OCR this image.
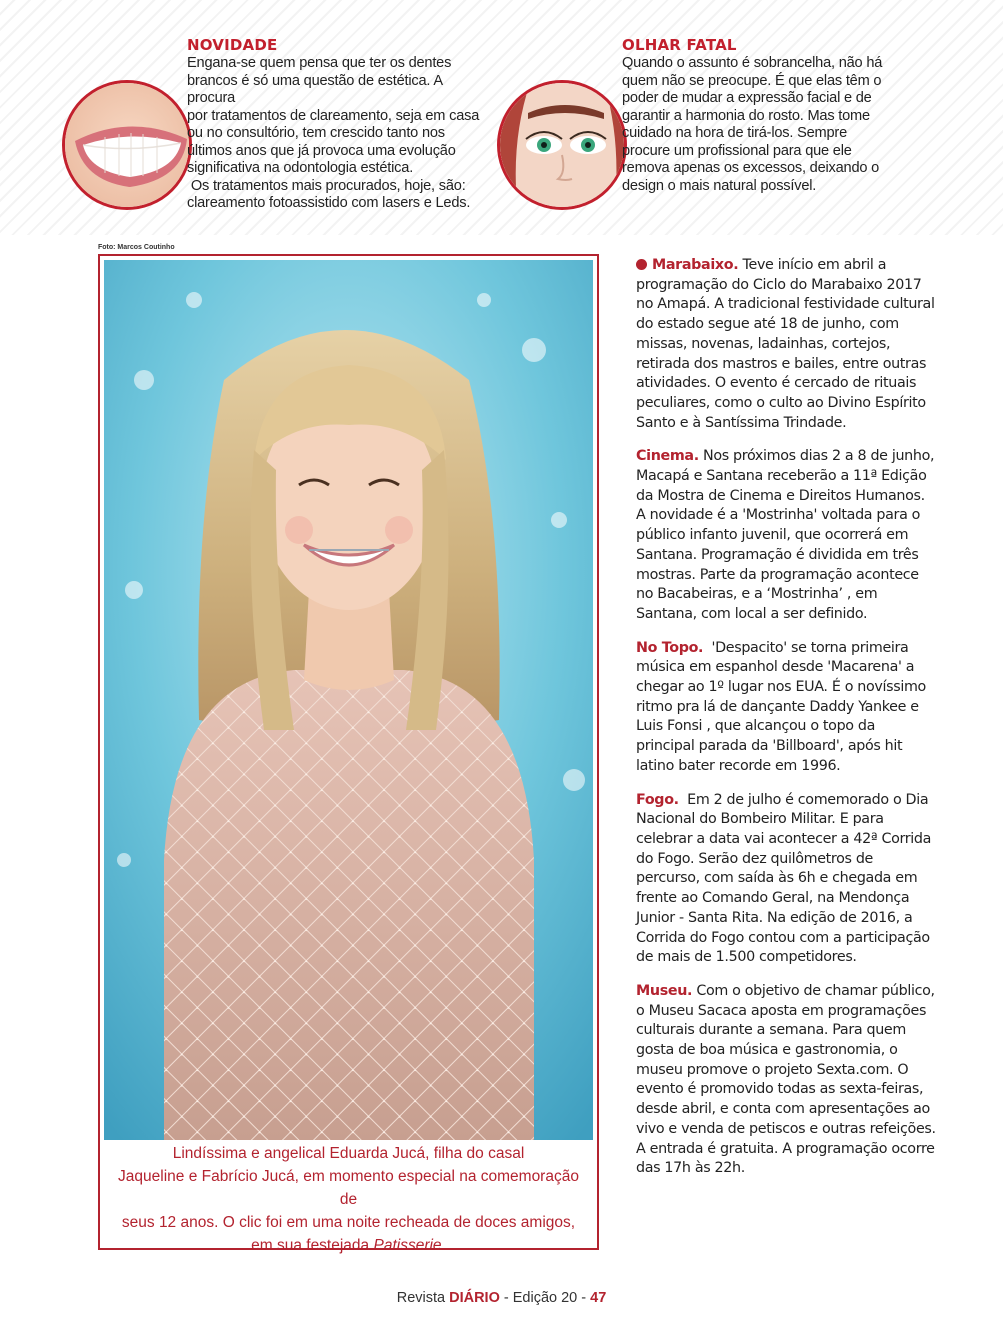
NOVIDADE

Engana-se quem pensa que ter os dentes

brancos é só uma questão de estética. A procura

por tratamentos de clareamento, seja em casa

ou no consultório, tem crescido tanto nos

últimos anos que já provoca uma evolução

significativa na odontologia estética.

Os tratamentos mais procurados, hoje, são:

clareamento fotoassistido com lasers e Leds.

OLHAR FATAL

Quando o assunto é sobrancelha, não há

quem não se preocupe. É que elas têm o

poder de mudar a expressão facial e de

garantir a harmonia do rosto. Mas tome

cuidado na hora de tirá-los. Sempre

procure um profissional para que ele

remova apenas os excessos, deixando o

design o mais natural possível.

Foto: Marcos Coutinho
Lindíssima e angelical Eduarda Jucá, filha do casal
Jaqueline e Fabrício Jucá, em momento especial na comemoração de
seus 12 anos. O clic foi em uma noite recheada de doces amigos,
em sua festejada Patisserie.

Marabaixo. Teve início em abril a programação do Ciclo do Marabaixo 2017 no Amapá. A tradicional festividade cultural do estado segue até 18 de junho, com missas, novenas, ladainhas, cortejos, retirada dos mastros e bailes, entre outras atividades. O evento é cercado de rituais peculiares, como o culto ao Divino Espírito Santo e à Santíssima Trindade.

Cinema. Nos próximos dias 2 a 8 de junho, Macapá e Santana receberão a 11ª Edição da Mostra de Cinema e Direitos Humanos. A novidade é a 'Mostrinha' voltada para o público infanto juvenil, que ocorrerá em Santana. Programação é dividida em três mostras. Parte da programação acontece no Bacabeiras, e a ‘Mostrinha’ , em Santana, com local a ser definido.

No Topo.  'Despacito' se torna primeira música em espanhol desde 'Macarena' a chegar ao 1º lugar nos EUA. É o novíssimo ritmo pra lá de dançante Daddy Yankee e Luis Fonsi , que alcançou o topo da principal parada da 'Billboard', após hit latino bater recorde em 1996.

Fogo.  Em 2 de julho é comemorado o Dia Nacional do Bombeiro Militar. E para celebrar a data vai acontecer a 42ª Corrida do Fogo. Serão dez quilômetros de percurso, com saída às 6h e chegada em frente ao Comando Geral, na Mendonça Junior - Santa Rita. Na edição de 2016, a Corrida do Fogo contou com a participação de mais de 1.500 competidores.

Museu. Com o objetivo de chamar público, o Museu Sacaca aposta em programações culturais durante a semana. Para quem gosta de boa música e gastronomia, o museu promove o projeto Sexta.com. O evento é promovido todas as sexta-feiras, desde abril, e conta com apresentações ao vivo e venda de petiscos e outras refeições. A entrada é gratuita. A programação ocorre das 17h às 22h.

Revista DIÁRIO - Edição 20 - 47
